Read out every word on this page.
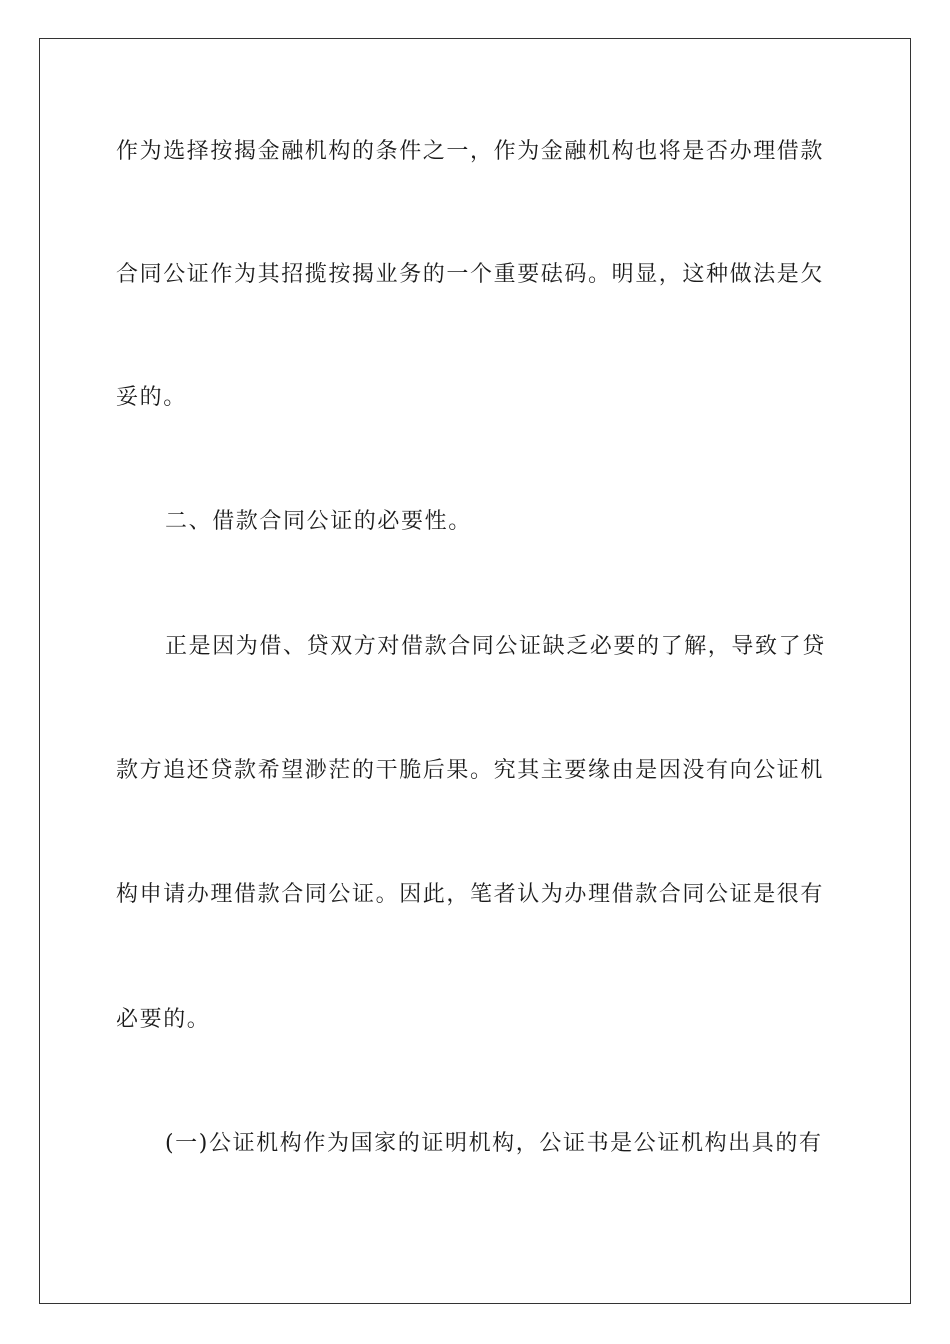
作为选择按揭金融机构的条件之一，作为金融机构也将是否办理借款
合同公证作为其招揽按揭业务的一个重要砝码。明显，这种做法是欠
妥的。
二、借款合同公证的必要性。
正是因为借、贷双方对借款合同公证缺乏必要的了解，导致了贷
款方追还贷款希望渺茫的干脆后果。究其主要缘由是因没有向公证机
构申请办理借款合同公证。因此，笔者认为办理借款合同公证是很有
必要的。
(一)公证机构作为国家的证明机构，公证书是公证机构出具的有
